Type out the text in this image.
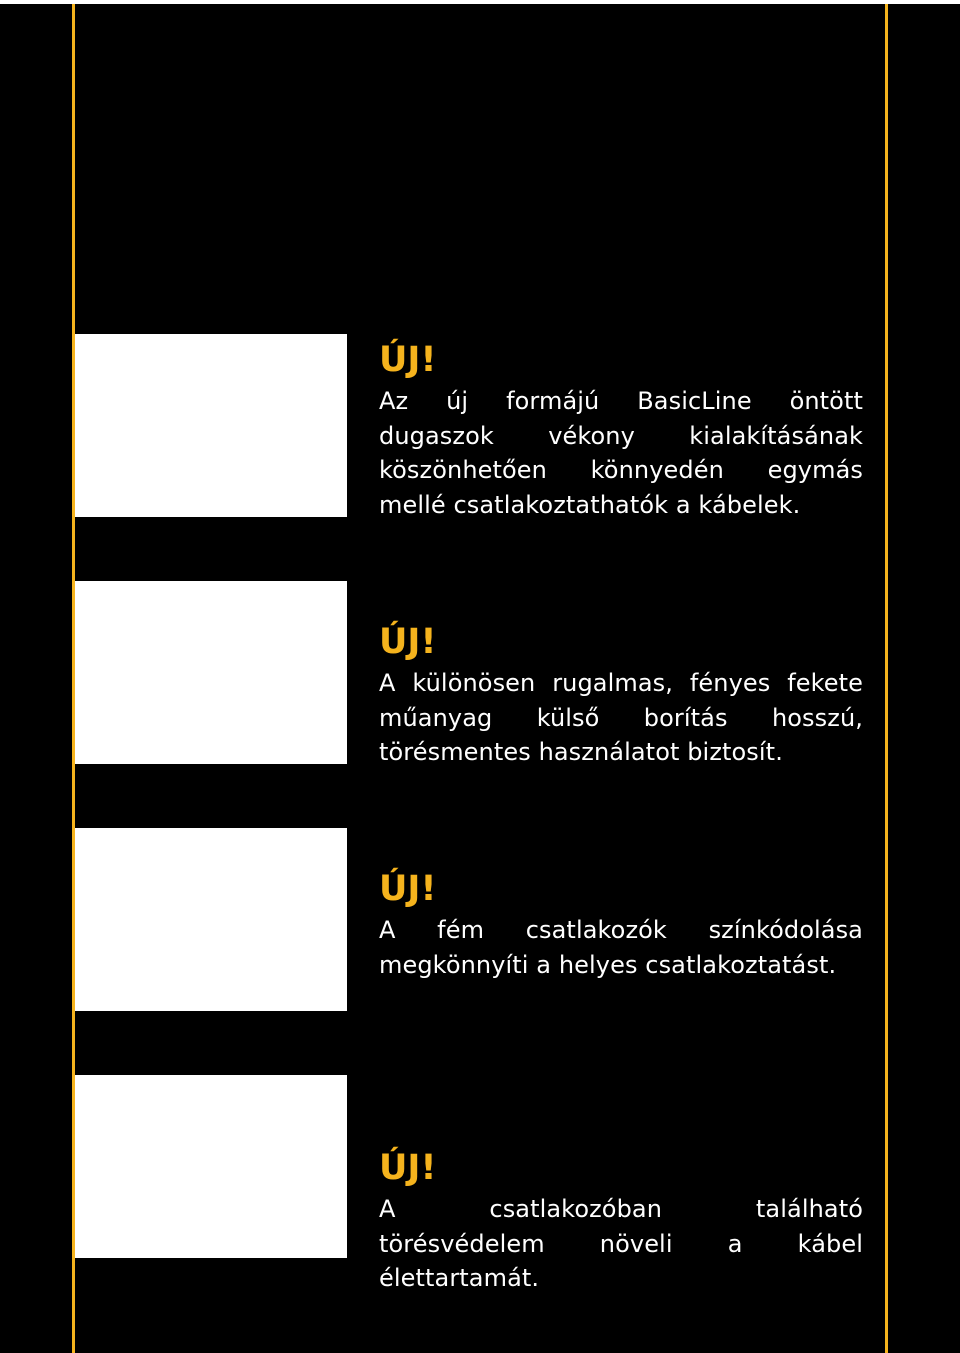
ÚJ!

Az új formájú BasicLine öntött dugaszok vékony kialakításának köszönhetően könnyedén egymás mellé csatlakoztathatók a kábelek.

ÚJ!

A különösen rugalmas, fényes fekete műanyag külső borítás hosszú, törésmentes használatot biztosít.

ÚJ!

A fém csatlakozók színkódolása megkönnyíti a helyes csatlakoztatást.

ÚJ!

A csatlakozóban található törésvédelem növeli a kábel élettartamát.
